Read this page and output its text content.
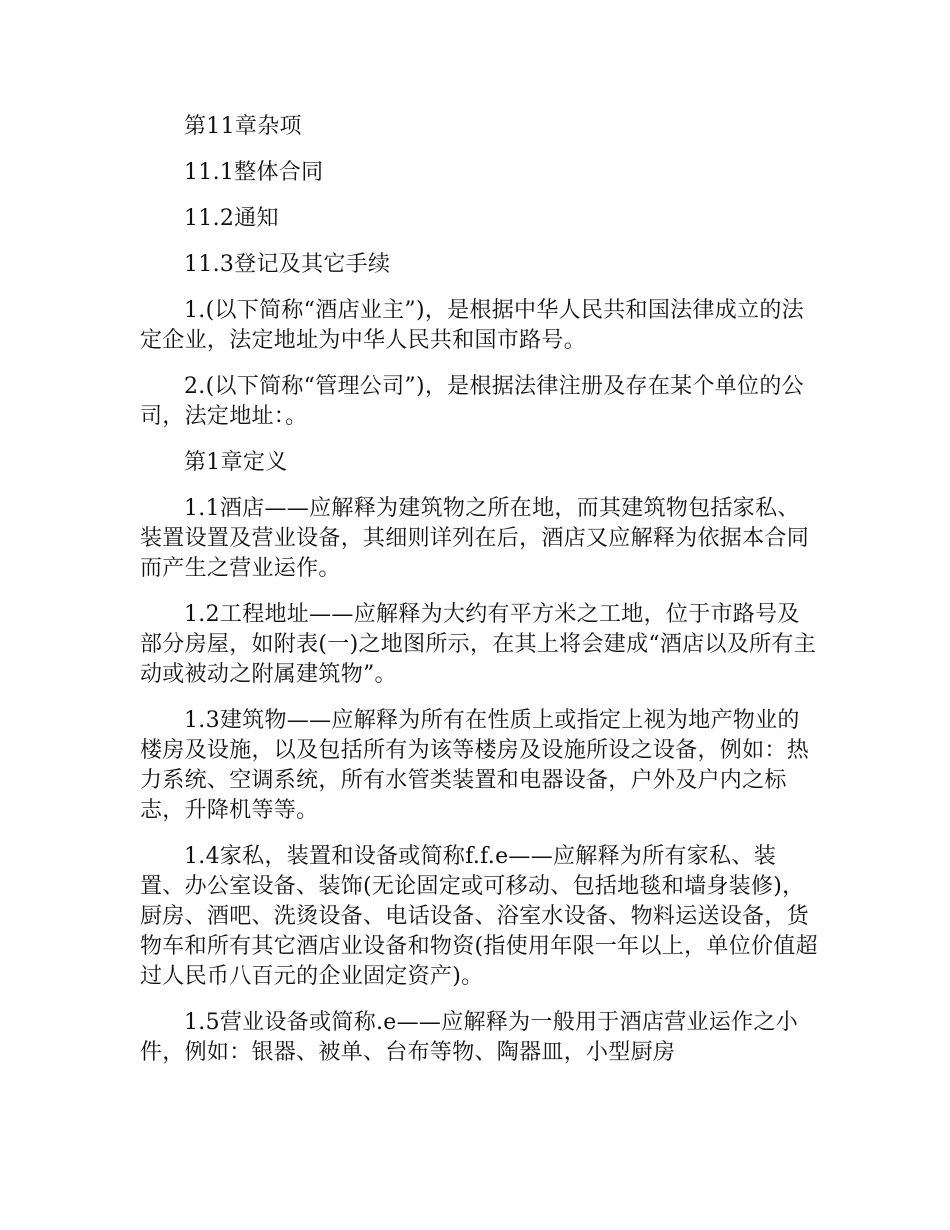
第11章杂项

11.1整体合同

11.2通知

11.3登记及其它手续

1.(以下简称“酒店业主”)，是根据中华人民共和国法律成立的法定企业，法定地址为中华人民共和国市路号。

2.(以下简称“管理公司”)，是根据法律注册及存在某个单位的公司，法定地址：。

第1章定义

1.1酒店——应解释为建筑物之所在地，而其建筑物包括家私、装置设置及营业设备，其细则详列在后，酒店又应解释为依据本合同而产生之营业运作。

1.2工程地址——应解释为大约有平方米之工地，位于市路号及部分房屋，如附表(一)之地图所示，在其上将会建成“酒店以及所有主动或被动之附属建筑物”。

1.3建筑物——应解释为所有在性质上或指定上视为地产物业的楼房及设施，以及包括所有为该等楼房及设施所设之设备，例如：热力系统、空调系统，所有水管类装置和电器设备，户外及户内之标志，升降机等等。

1.4家私，装置和设备或简称f.f.e——应解释为所有家私、装置、办公室设备、装饰(无论固定或可移动、包括地毯和墙身装修)，厨房、酒吧、洗烫设备、电话设备、浴室水设备、物料运送设备，货物车和所有其它酒店业设备和物资(指使用年限一年以上，单位价值超过人民币八百元的企业固定资产)。

1.5营业设备或简称.e——应解释为一般用于酒店营业运作之小件，例如：银器、被单、台布等物、陶器皿，小型厨房
